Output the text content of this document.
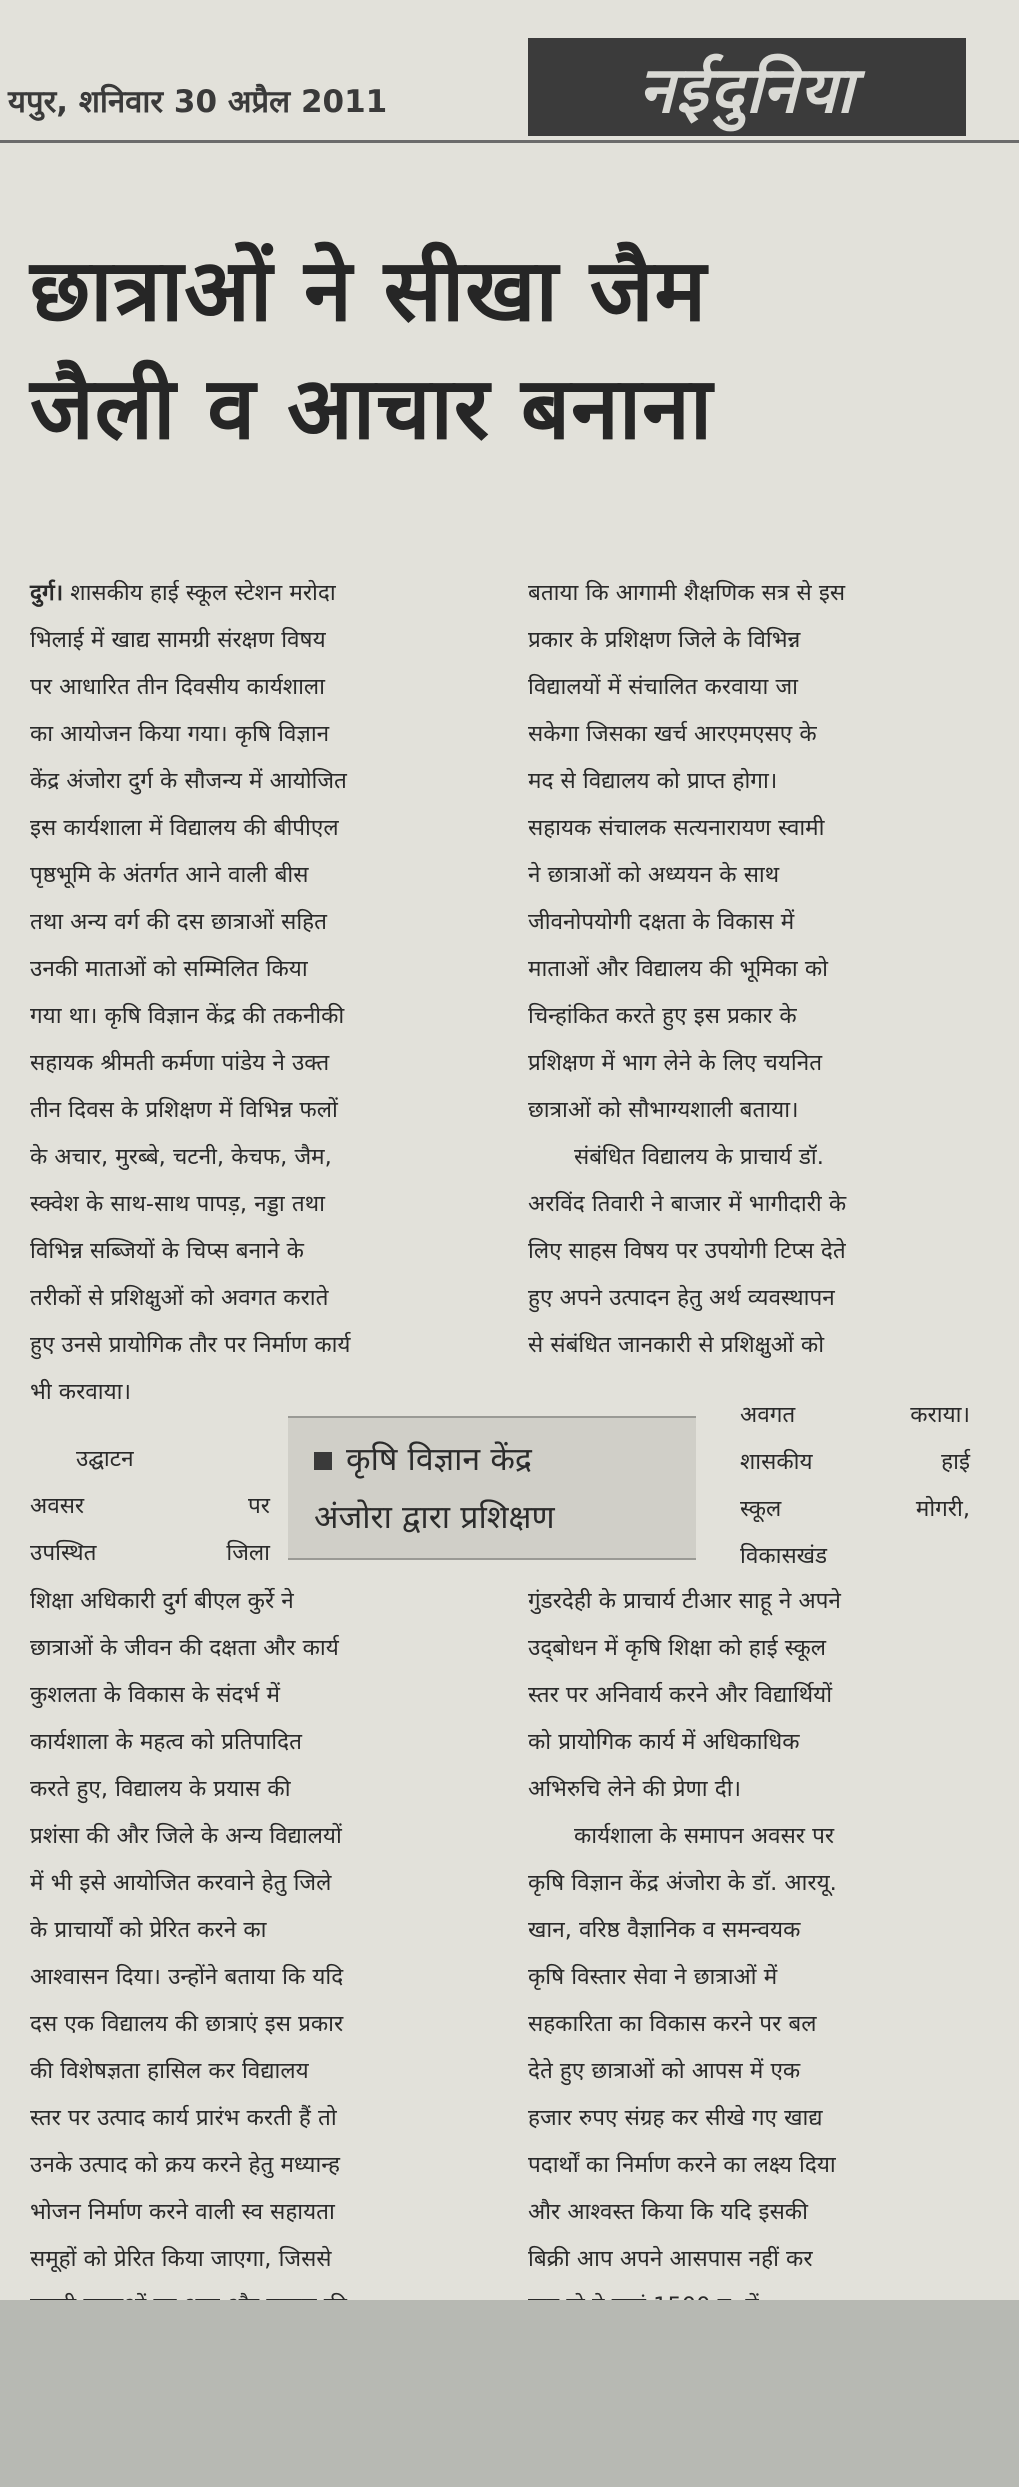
यपुर, शनिवार 30 अप्रैल 2011	नईदुनिया
छात्राओं ने सीखा जैम
जैली व आचार बनाना
दुर्ग। शासकीय हाई स्कूल स्टेशन मरोदा
भिलाई में खाद्य सामग्री संरक्षण विषय
पर आधारित तीन दिवसीय कार्यशाला
का आयोजन किया गया। कृषि विज्ञान
केंद्र अंजोरा दुर्ग के सौजन्य में आयोजित
इस कार्यशाला में विद्यालय की बीपीएल
पृष्ठभूमि के अंतर्गत आने वाली बीस
तथा अन्य वर्ग की दस छात्राओं सहित
उनकी माताओं को सम्मिलित किया
गया था। कृषि विज्ञान केंद्र की तकनीकी
सहायक श्रीमती कर्मणा पांडेय ने उक्त
तीन दिवस के प्रशिक्षण में विभिन्न फलों
के अचार, मुरब्बे, चटनी, केचफ, जैम,
स्क्वेश के साथ-साथ पापड़, नड्डा तथा
विभिन्न सब्जियों के चिप्स बनाने के
तरीकों से प्रशिक्षुओं को अवगत कराते
हुए उनसे प्रायोगिक तौर पर निर्माण कार्य
भी करवाया।
उद्घाटन
अवसर	पर
उपस्थित	जिला
कृषि विज्ञान केंद्र
अंजोरा द्वारा प्रशिक्षण
शिक्षा अधिकारी दुर्ग बीएल कुर्रे ने
छात्राओं के जीवन की दक्षता और कार्य
कुशलता के विकास के संदर्भ में
कार्यशाला के महत्व को प्रतिपादित
करते हुए, विद्यालय के प्रयास की
प्रशंसा की और जिले के अन्य विद्यालयों
में भी इसे आयोजित करवाने हेतु जिले
के प्राचार्यों को प्रेरित करने का
आश्वासन दिया। उन्होंने बताया कि यदि
दस एक विद्यालय की छात्राएं इस प्रकार
की विशेषज्ञता हासिल कर विद्यालय
स्तर पर उत्पाद कार्य प्रारंभ करती हैं तो
उनके उत्पाद को क्रय करने हेतु मध्यान्ह
भोजन निर्माण करने वाली स्व सहायता
समूहों को प्रेरित किया जाएगा, जिससे
बताया कि आगामी शैक्षणिक सत्र से इस
प्रकार के प्रशिक्षण जिले के विभिन्न
विद्यालयों में संचालित करवाया जा
सकेगा जिसका खर्च आरएमएसए के
मद से विद्यालय को प्राप्त होगा।
सहायक संचालक सत्यनारायण स्वामी
ने छात्राओं को अध्ययन के साथ
जीवनोपयोगी दक्षता के विकास में
माताओं और विद्यालय की भूमिका को
चिन्हांकित करते हुए इस प्रकार के
प्रशिक्षण में भाग लेने के लिए चयनित
छात्राओं को सौभाग्यशाली बताया।
संबंधित विद्यालय के प्राचार्य डॉ.
अरविंद तिवारी ने बाजार में भागीदारी के
लिए साहस विषय पर उपयोगी टिप्स देते
हुए अपने उत्पादन हेतु अर्थ व्यवस्थापन
से संबंधित जानकारी से प्रशिक्षुओं को
अवगत	कराया।
शासकीय	हाई
स्कूल	मोगरी,
विकासखंड
गुंडरदेही के प्राचार्य टीआर साहू ने अपने
उद्‌बोधन में कृषि शिक्षा को हाई स्कूल
स्तर पर अनिवार्य करने और विद्यार्थियों
को प्रायोगिक कार्य में अधिकाधिक
अभिरुचि लेने की प्रेणा दी।
कार्यशाला के समापन अवसर पर
कृषि विज्ञान केंद्र अंजोरा के डॉ. आरयू.
खान, वरिष्ठ वैज्ञानिक व समन्वयक
कृषि विस्तार सेवा ने छात्राओं में
सहकारिता का विकास करने पर बल
देते हुए छात्राओं को आपस में एक
हजार रुपए संग्रह कर सीखे गए खाद्य
पदार्थों का निर्माण करने का लक्ष्य दिया
और आश्वस्त किया कि यदि इसकी
बिक्री आप अपने आसपास नहीं कर
